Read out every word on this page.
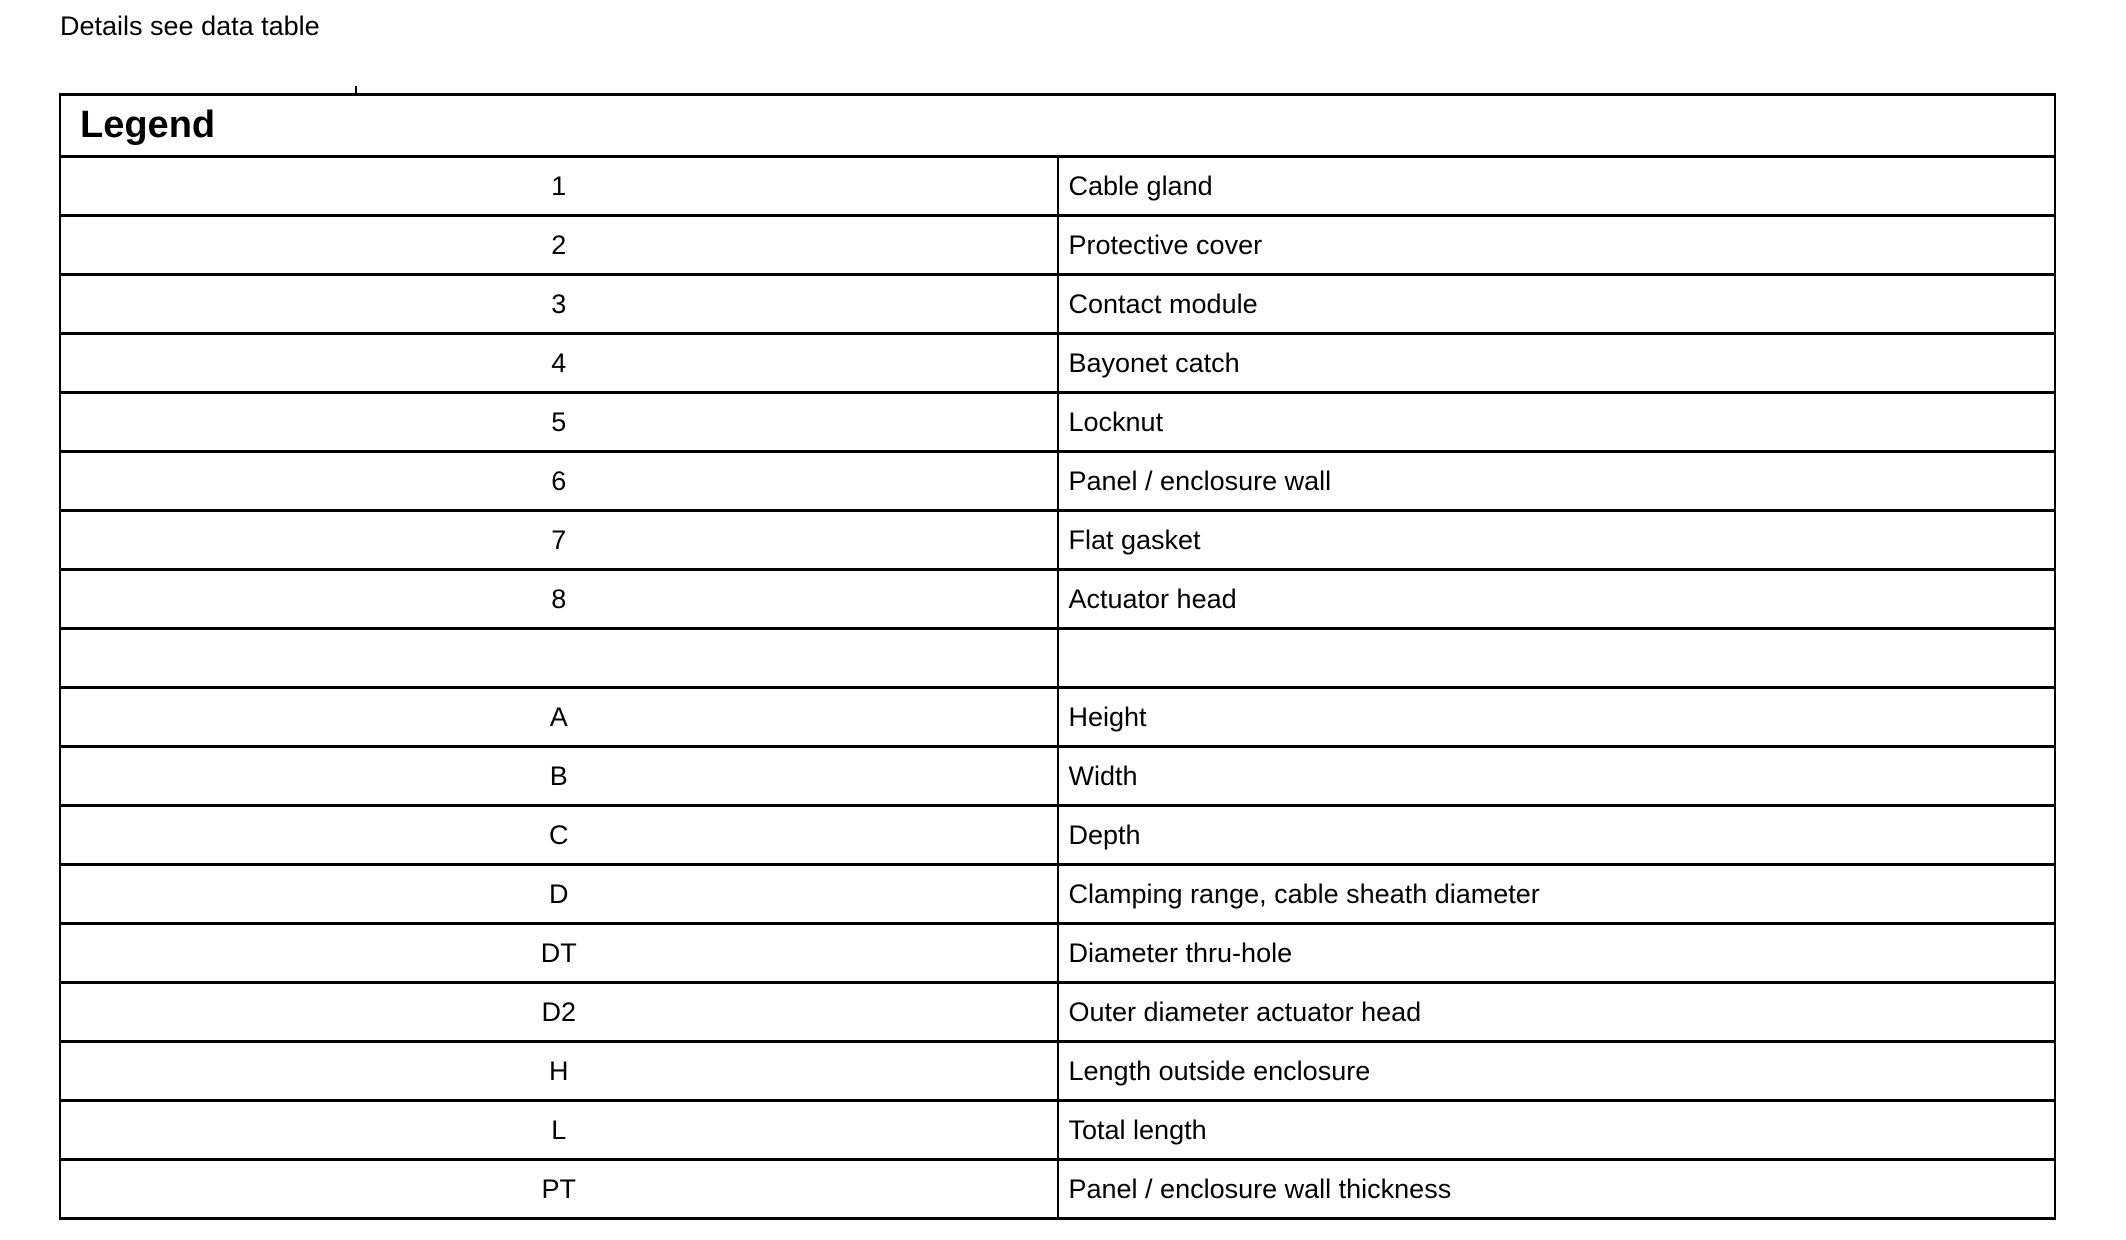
Details see data table
Legend	
1	Cable gland
2	Protective cover
3	Contact module
4	Bayonet catch
5	Locknut
6	Panel / enclosure wall
7	Flat gasket
8	Actuator head

A	Height
B	Width
C	Depth
D	Clamping range, cable sheath diameter
DT	Diameter thru-hole
D2	Outer diameter actuator head
H	Length outside enclosure
L	Total length
PT	Panel / enclosure wall thickness
